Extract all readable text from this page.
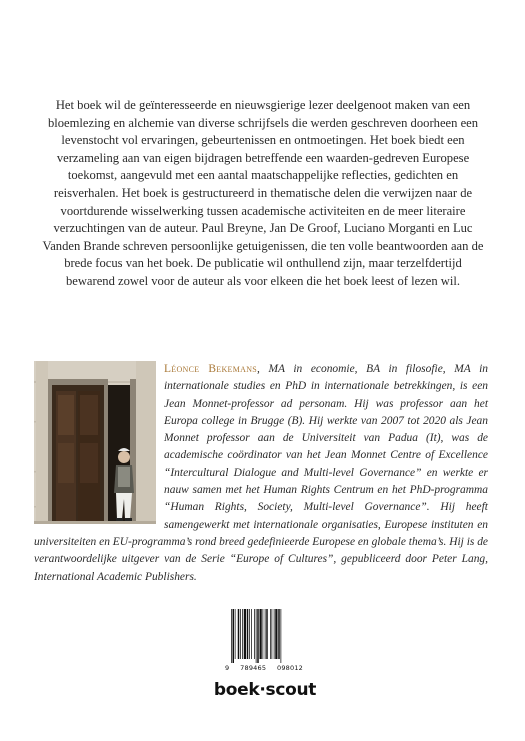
Het boek wil de geïnteresseerde en nieuwsgierige lezer deelgenoot maken van een bloemlezing en alchemie van diverse schrijfsels die werden geschreven doorheen een levenstocht vol ervaringen, gebeurtenissen en ontmoetingen. Het boek biedt een verzameling aan van eigen bijdragen betreffende een waarden-gedreven Europese toekomst, aangevuld met een aantal maatschappelijke reflecties, gedichten en reisverhalen. Het boek is gestructureerd in thematische delen die verwijzen naar de voortdurende wisselwerking tussen academische activiteiten en de meer literaire verzuchtingen van de auteur. Paul Breyne, Jan De Groof, Luciano Morganti en Luc Vanden Brande schreven persoonlijke getuigenissen, die ten volle beantwoorden aan de brede focus van het boek. De publicatie wil onthullend zijn, maar terzelfdertijd bewarend zowel voor de auteur als voor elkeen die het boek leest of lezen wil.

Léonce Bekemans, MA in economie, BA in filosofie, MA in internationale studies en PhD in internationale betrekkingen, is een Jean Monnet-professor ad personam. Hij was professor aan het Europa college in Brugge (B). Hij werkte van 2007 tot 2020 als Jean Monnet professor aan de Universiteit van Padua (It), was de academische coördinator van het Jean Monnet Centre of Excellence “Intercultural Dialogue and Multi-level Governance” en werkte er nauw samen met het Human Rights Centrum en het PhD-programma “Human Rights, Society, Multi-level Governance”. Hij heeft samengewerkt met internationale organisaties, Europese instituten en universiteiten en EU-programma’s rond breed gedefinieerde Europese en globale thema’s. Hij is de verantwoordelijke uitgever van de Serie “Europe of Cultures”, gepubliceerd door Peter Lang, International Academic Publishers.

9 789465 098012
boek·scout
